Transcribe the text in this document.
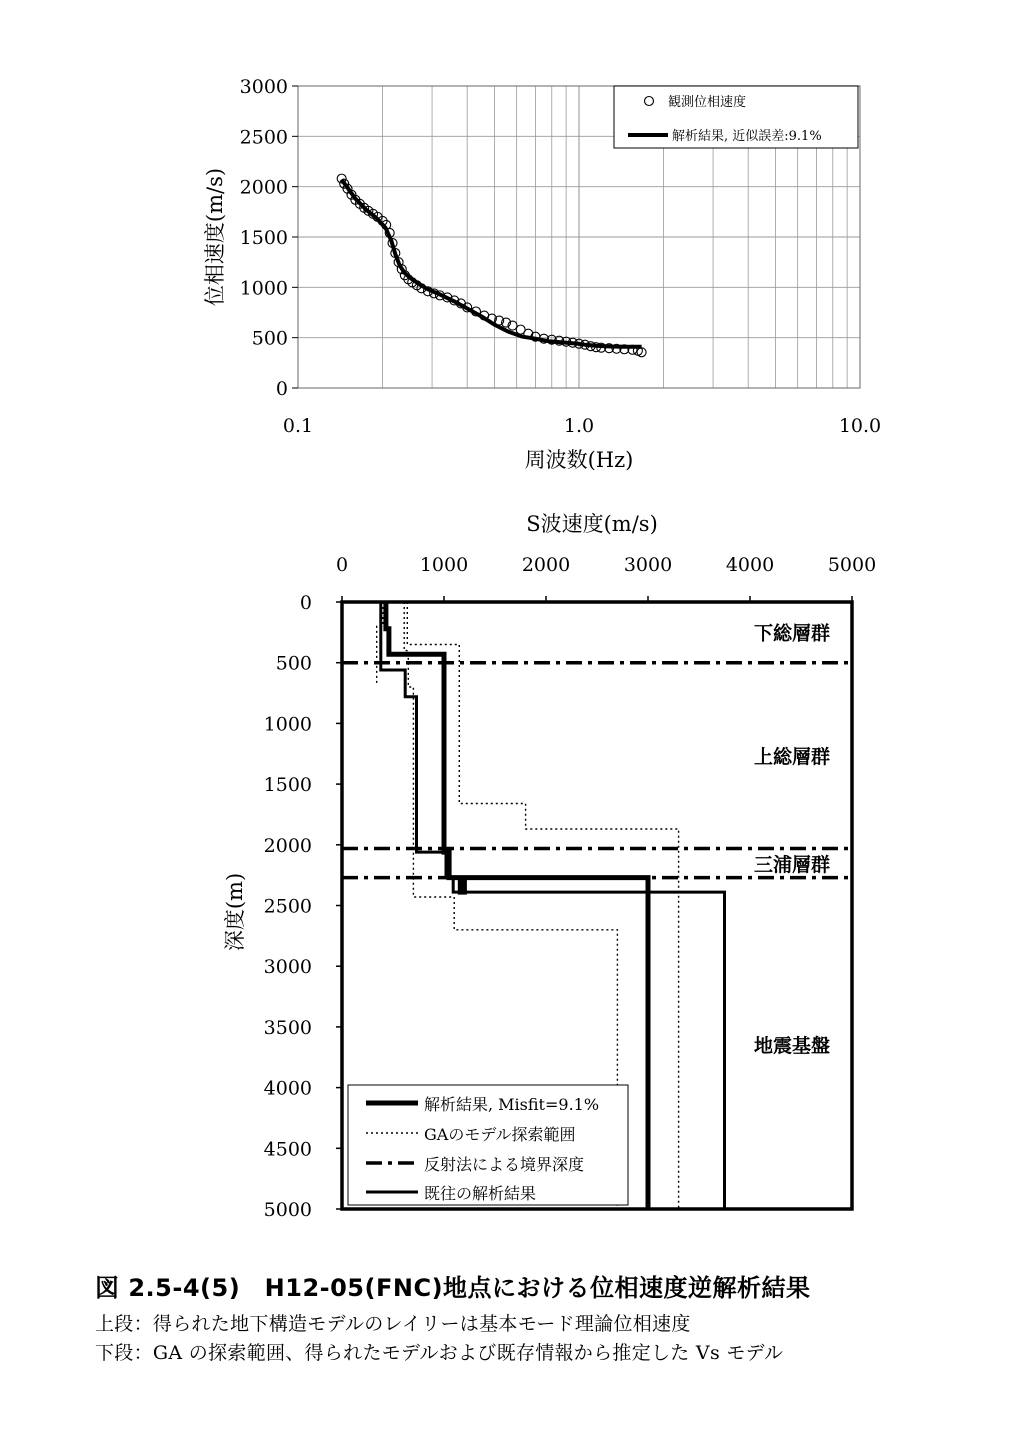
0
500
1000
1500
2000
2500
3000
0.1	1.0	10.0
周波数(Hz)
位相速度(m/s)
観測位相速度
解析結果, 近似誤差:9.1%
S波速度(m/s)
深度(m)
0	1000	2000	3000	4000	5000
0
500
1000
1500
2000
2500
3000
3500
4000
4500
5000
下総層群
上総層群
三浦層群
地震基盤
解析結果, Misfit=9.1%
GAのモデル探索範囲
反射法による境界深度
既往の解析結果
図 2.5-4(5)　H12-05(FNC)地点における位相速度逆解析結果
上段：得られた地下構造モデルのレイリーは基本モード理論位相速度
下段：GA の探索範囲、得られたモデルおよび既存情報から推定した Vs モデル
